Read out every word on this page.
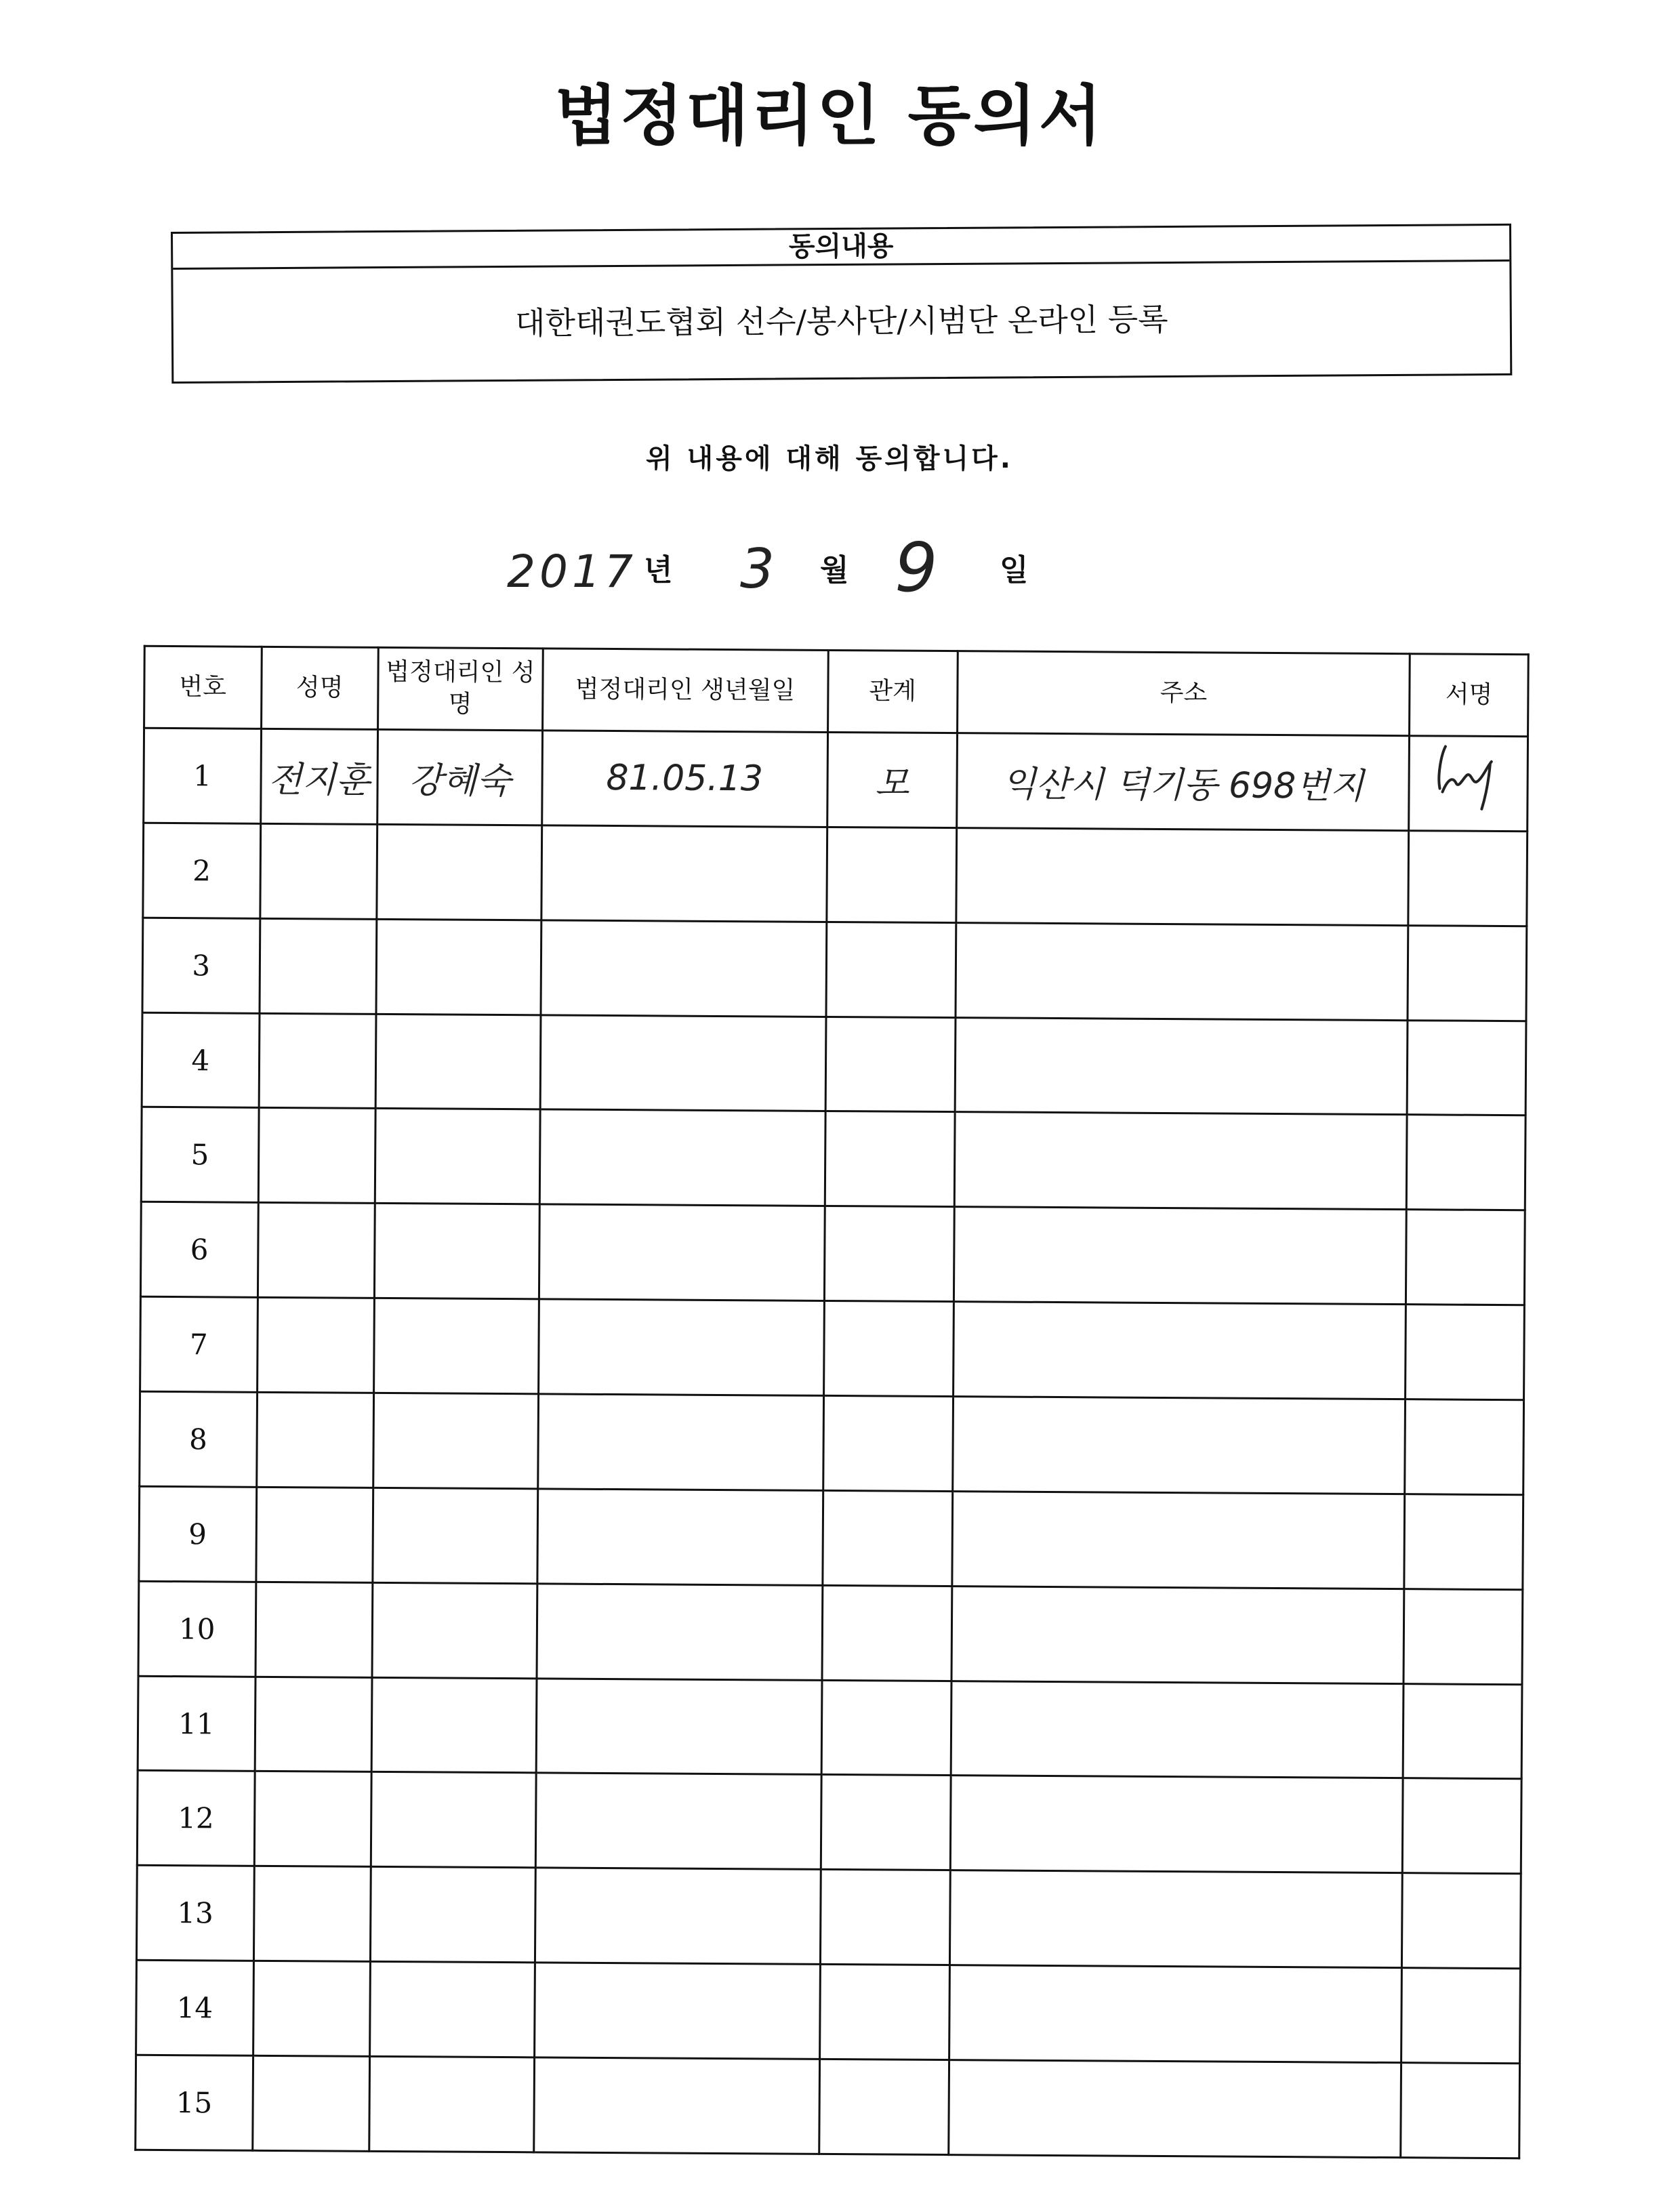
법정대리인 동의서
동의내용
대한태권도협회 선수/봉사단/시범단 온라인 등록
위 내용에 대해 동의합니다.
2017 년 3 월 9 일
번호	성명	법정대리인 성명	법정대리인 생년월일	관계	주소	서명
1	전지훈	강혜숙	81.05.13	모	익산시 덕기동 698번지	
2						
3						
4						
5						
6						
7						
8						
9						
10						
11						
12						
13						
14						
15						
